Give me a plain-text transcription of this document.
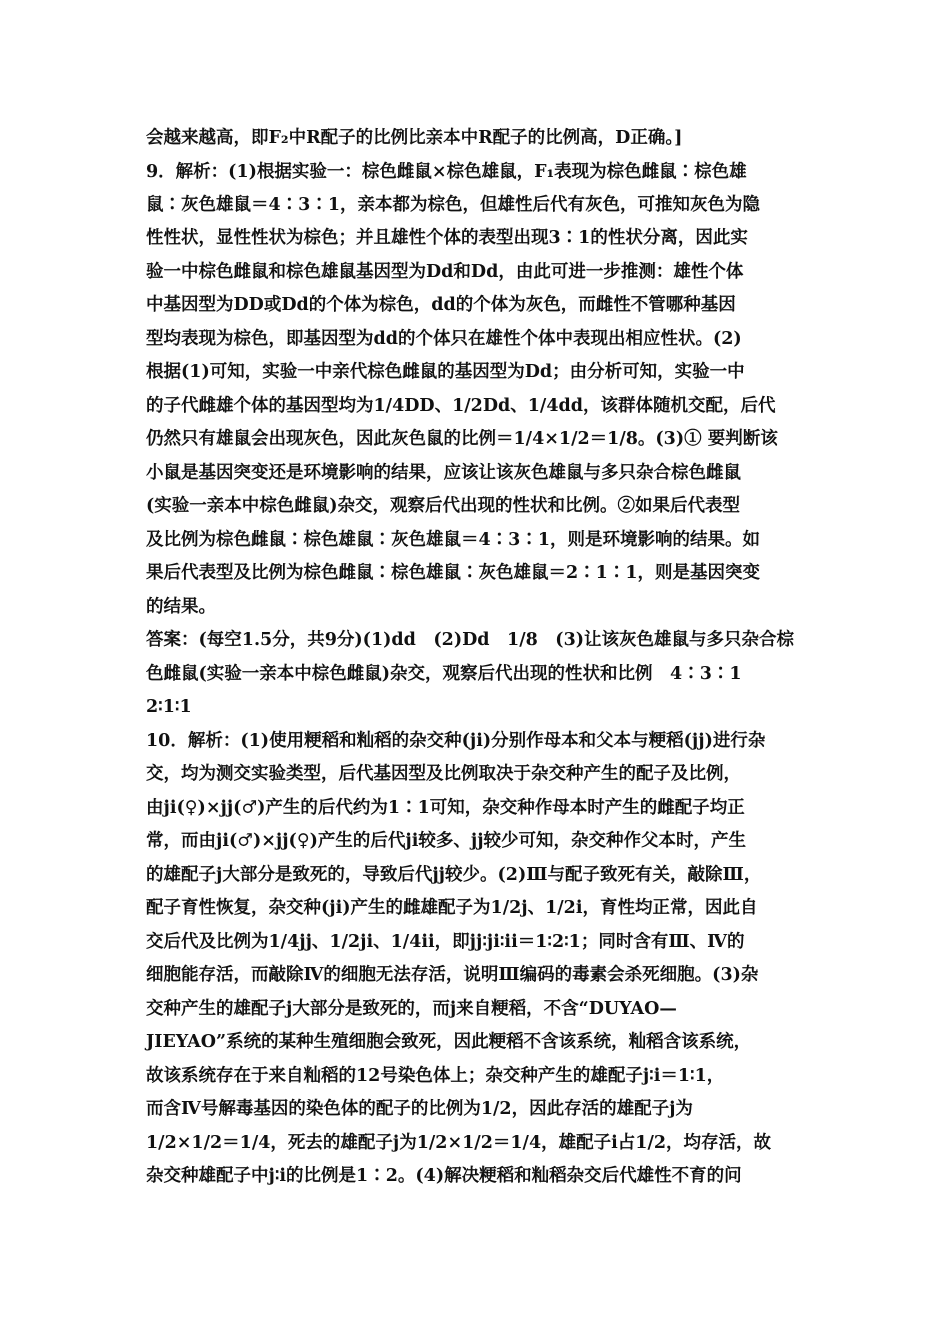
会越来越高，即F₂中R配子的比例比亲本中R配子的比例高，D正确。]
9．解析：(1)根据实验一：棕色雌鼠×棕色雄鼠，F₁表现为棕色雌鼠∶棕色雄
鼠∶灰色雄鼠＝4∶3∶1，亲本都为棕色，但雄性后代有灰色，可推知灰色为隐
性性状，显性性状为棕色；并且雄性个体的表型出现3∶1的性状分离，因此实
验一中棕色雌鼠和棕色雄鼠基因型为Dd和Dd，由此可进一步推测：雄性个体
中基因型为DD或Dd的个体为棕色，dd的个体为灰色，而雌性不管哪种基因
型均表现为棕色，即基因型为dd的个体只在雄性个体中表现出相应性状。(2)
根据(1)可知，实验一中亲代棕色雌鼠的基因型为Dd；由分析可知，实验一中
的子代雌雄个体的基因型均为1/4DD、1/2Dd、1/4dd，该群体随机交配，后代
仍然只有雄鼠会出现灰色，因此灰色鼠的比例＝1/4×1/2＝1/8。(3)① 要判断该
小鼠是基因突变还是环境影响的结果，应该让该灰色雄鼠与多只杂合棕色雌鼠
(实验一亲本中棕色雌鼠)杂交，观察后代出现的性状和比例。②如果后代表型
及比例为棕色雌鼠∶棕色雄鼠∶灰色雄鼠＝4∶3∶1，则是环境影响的结果。如
果后代表型及比例为棕色雌鼠∶棕色雄鼠∶灰色雄鼠＝2∶1∶1，则是基因突变
的结果。
答案：(每空1.5分，共9分)(1)dd　(2)Dd　1/8　(3)让该灰色雄鼠与多只杂合棕
色雌鼠(实验一亲本中棕色雌鼠)杂交，观察后代出现的性状和比例　4∶3∶1
2∶1∶1
10．解析：(1)使用粳稻和籼稻的杂交种(ji)分别作母本和父本与粳稻(jj)进行杂
交，均为测交实验类型，后代基因型及比例取决于杂交种产生的配子及比例，
由ji(♀)×jj(♂)产生的后代约为1∶1可知，杂交种作母本时产生的雌配子均正
常，而由ji(♂)×jj(♀)产生的后代ji较多、jj较少可知，杂交种作父本时，产生
的雄配子j大部分是致死的，导致后代jj较少。(2)Ⅲ与配子致死有关，敲除Ⅲ，
配子育性恢复，杂交种(ji)产生的雌雄配子为1/2j、1/2i，育性均正常，因此自
交后代及比例为1/4jj、1/2ji、1/4ii，即jj∶ji∶ii＝1∶2∶1；同时含有Ⅲ、Ⅳ的
细胞能存活，而敲除Ⅳ的细胞无法存活，说明Ⅲ编码的毒素会杀死细胞。(3)杂
交种产生的雄配子j大部分是致死的，而j来自粳稻，不含“DUYAO—
JIEYAO”系统的某种生殖细胞会致死，因此粳稻不含该系统，籼稻含该系统，
故该系统存在于来自籼稻的12号染色体上；杂交种产生的雄配子j∶i＝1∶1，
而含Ⅳ号解毒基因的染色体的配子的比例为1/2，因此存活的雄配子j为
1/2×1/2＝1/4，死去的雄配子j为1/2×1/2＝1/4，雄配子i占1/2，均存活，故
杂交种雄配子中j∶i的比例是1∶2。(4)解决粳稻和籼稻杂交后代雄性不育的问
